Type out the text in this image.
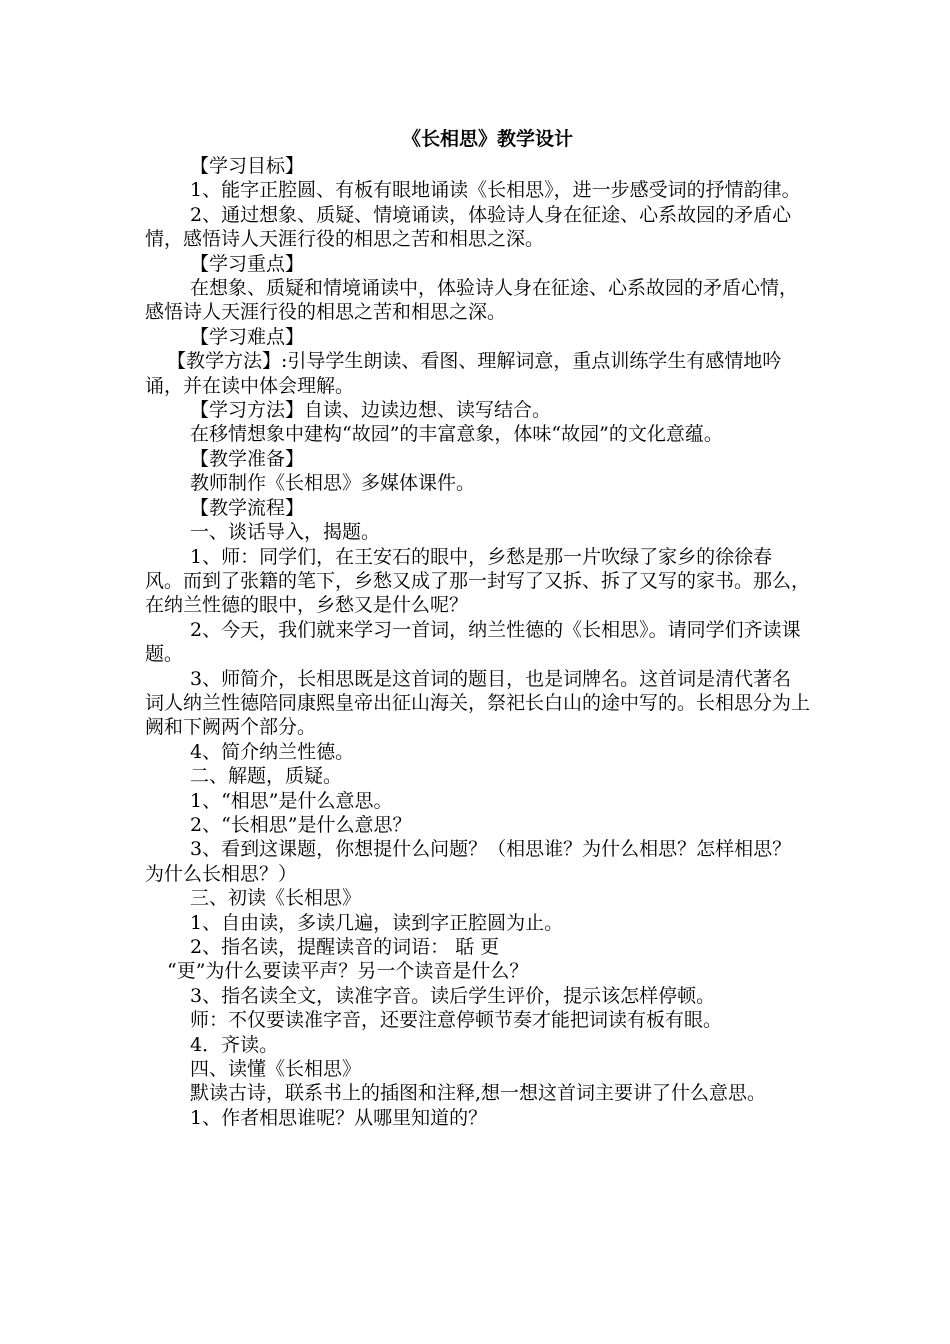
《长相思》教学设计

【学习目标】

1、能字正腔圆、有板有眼地诵读《长相思》，进一步感受词的抒情韵律。

2、通过想象、质疑、情境诵读，体验诗人身在征途、心系故园的矛盾心情，感悟诗人天涯行役的相思之苦和相思之深。

【学习重点】

在想象、质疑和情境诵读中，体验诗人身在征途、心系故园的矛盾心情，感悟诗人天涯行役的相思之苦和相思之深。

【学习难点】

【教学方法】:引导学生朗读、看图、理解词意，重点训练学生有感情地吟诵，并在读中体会理解。

【学习方法】自读、边读边想、读写结合。

在移情想象中建构“故园”的丰富意象，体味“故园”的文化意蕴。

【教学准备】

教师制作《长相思》多媒体课件。

【教学流程】

一、谈话导入，揭题。

1、师：同学们，在王安石的眼中，乡愁是那一片吹绿了家乡的徐徐春风。而到了张籍的笔下，乡愁又成了那一封写了又拆、拆了又写的家书。那么，在纳兰性德的眼中，乡愁又是什么呢？

2、今天，我们就来学习一首词，纳兰性德的《长相思》。请同学们齐读课题。

3、师简介，长相思既是这首词的题目，也是词牌名。这首词是清代著名词人纳兰性德陪同康熙皇帝出征山海关，祭祀长白山的途中写的。长相思分为上阙和下阙两个部分。

4、简介纳兰性德。

二、解题，质疑。

1、“相思”是什么意思。

2、“长相思”是什么意思？

3、看到这课题，你想提什么问题？（相思谁？为什么相思？怎样相思？为什么长相思？）

三、初读《长相思》

1、自由读，多读几遍，读到字正腔圆为止。

2、指名读，提醒读音的词语： 聒 更

“更”为什么要读平声？另一个读音是什么？

3、指名读全文，读准字音。读后学生评价，提示该怎样停顿。

师：不仅要读准字音，还要注意停顿节奏才能把词读有板有眼。

4．齐读。

四、读懂《长相思》

默读古诗，联系书上的插图和注释,想一想这首词主要讲了什么意思。

1、作者相思谁呢？从哪里知道的？
